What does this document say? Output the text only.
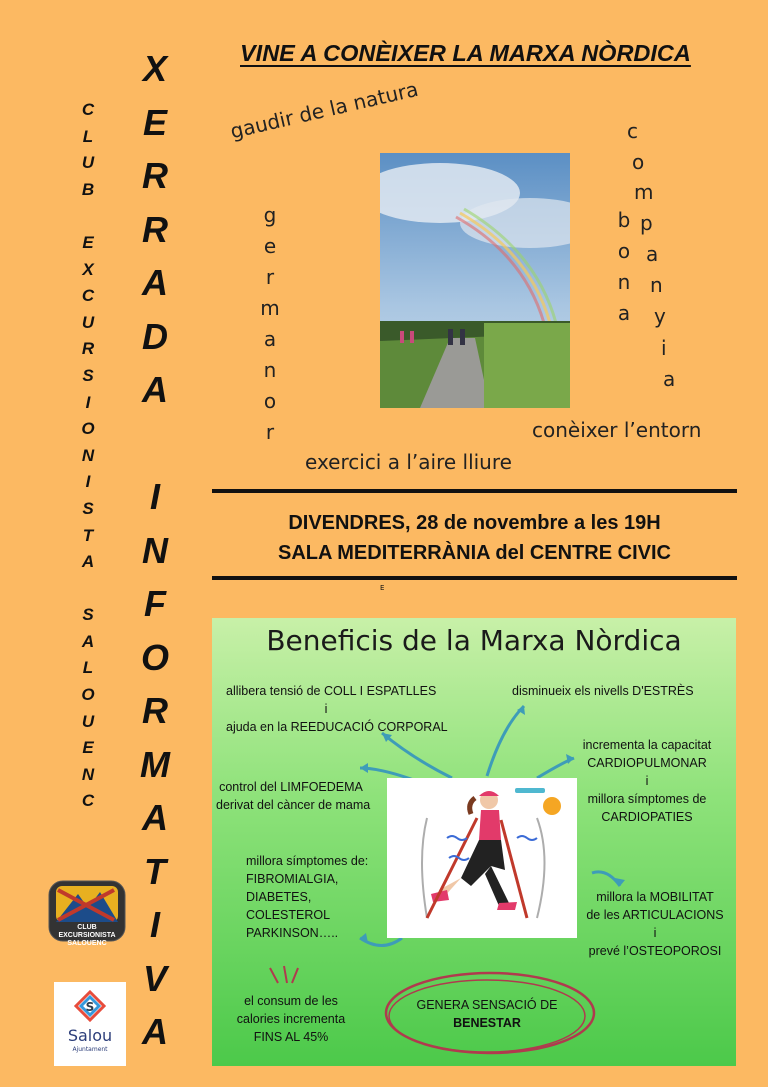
C
L
U
B

E
X
C
U
R
S
I
O
N
I
S
T
A

S
A
L
O
U
E
N
C
X
E
R
R
A
D
A

I
N
F
O
R
M
A
T
I
V
A
VINE A CONÈIXER LA MARXA NÒRDICA
gaudir de la natura
g
e
r
m
a
n
o
r
b
o
n
a
c
o
m
p
a
n
y
i
a
conèixer l’entorn
exercici a l’aire lliure
DIVENDRES, 28 de novembre a les 19H
SALA MEDITERRÀNIA del CENTRE CIVIC
E
Beneficis de la Marxa Nòrdica
allibera tensió de COLL I ESPATLLES
i
ajuda en la REEDUCACIÓ CORPORAL
disminueix els nivells D'ESTRÈS
incrementa la capacitat
CARDIOPULMONAR
i
millora símptomes de
CARDIOPATIES
control del LIMFOEDEMA
derivat del càncer de mama
millora símptomes de:
FIBROMIALGIA,
DIABETES,
COLESTEROL
PARKINSON…..
millora la MOBILITAT
de les ARTICULACIONS
i
prevé l’OSTEOPOROSI
el consum de les
calories incrementa
FINS AL 45%
GENERA SENSACIÓ DE
BENESTAR
CLUB EXCURSIONISTA
SALOUENC
S
Salou
Ajuntament
